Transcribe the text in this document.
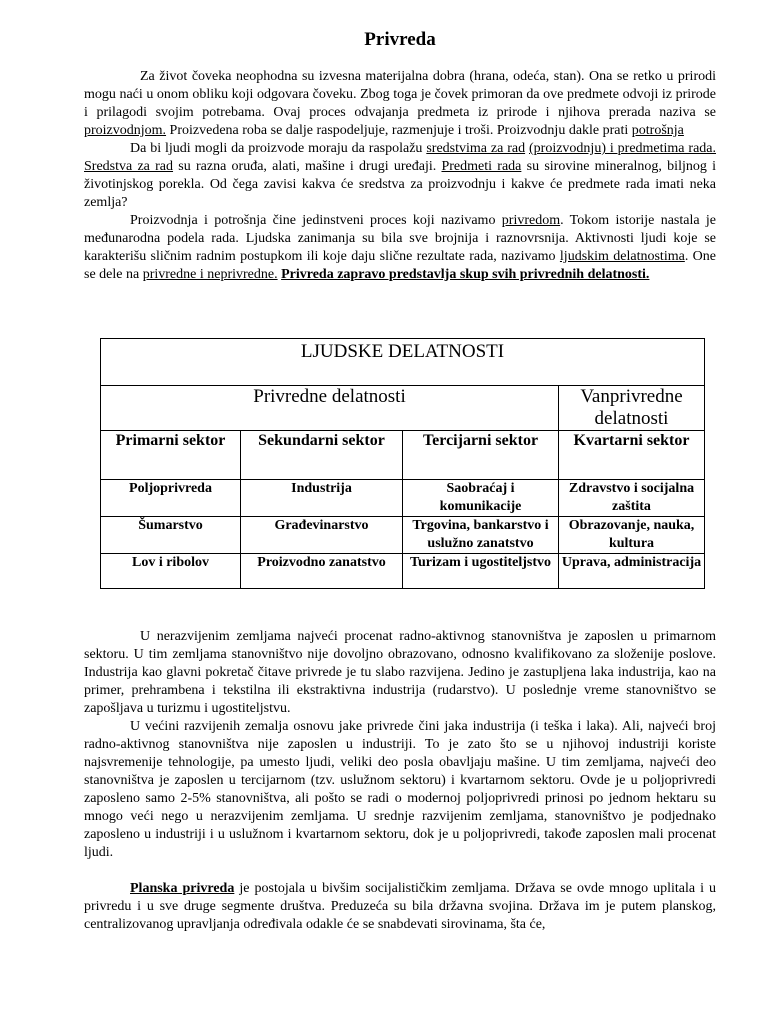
Privreda

Za život čoveka neophodna su izvesna materijalna dobra (hrana, odeća, stan). Ona se retko u prirodi mogu naći u onom obliku koji odgovara čoveku. Zbog toga je čovek primoran da ove predmete odvoji iz prirode i prilagodi svojim potrebama. Ovaj proces odvajanja predmeta iz prirode i njihova prerada naziva se proizvodnjom. Proizvedena roba se dalje raspodeljuje, razmenjuje i troši. Proizvodnju dakle prati potrošnja

Da bi ljudi mogli da proizvode moraju da raspolažu sredstvima za rad (proizvodnju) i predmetima rada. Sredstva za rad su razna oruđa, alati, mašine i drugi uređaji. Predmeti rada su sirovine mineralnog, biljnog i životinjskog porekla. Od čega zavisi kakva će sredstva za proizvodnju i kakve će predmete rada imati neka zemlja?

Proizvodnja i potrošnja čine jedinstveni proces koji nazivamo privredom. Tokom istorije nastala je međunarodna podela rada. Ljudska zanimanja su bila sve brojnija i raznovrsnija. Aktivnosti ljudi koje se karakterišu sličnim radnim postupkom ili koje daju slične rezultate rada, nazivamo ljudskim delatnostima. One se dele na privredne i neprivredne. Privreda zapravo predstavlja skup svih privrednih delatnosti.

LJUDSKE DELATNOSTI			
Privredne delatnosti			Vanprivredne delatnosti
Primarni sektor	Sekundarni sektor	Tercijarni sektor	Kvartarni sektor
Poljoprivreda	Industrija	Saobraćaj i komunikacije	Zdravstvo i socijalna zaštita
Šumarstvo	Građevinarstvo	Trgovina, bankarstvo i uslužno zanatstvo	Obrazovanje, nauka, kultura
Lov i ribolov	Proizvodno zanatstvo	Turizam i ugostiteljstvo	Uprava, administracija

U nerazvijenim zemljama najveći procenat radno-aktivnog stanovništva je zaposlen u primarnom sektoru. U tim zemljama stanovništvo nije dovoljno obrazovano, odnosno kvalifikovano za složenije poslove. Industrija kao glavni pokretač čitave privrede je tu slabo razvijena. Jedino je zastupljena laka industrija, kao na primer, prehrambena i tekstilna ili ekstraktivna industrija (rudarstvo). U poslednje vreme stanovništvo se zapošljava u turizmu i ugostiteljstvu.

U većini razvijenih zemalja osnovu jake privrede čini jaka industrija (i teška i laka). Ali, najveći broj radno-aktivnog stanovništva nije zaposlen u industriji. To je zato što se u njihovoj industriji koriste najsvremenije tehnologije, pa umesto ljudi, veliki deo posla obavljaju mašine. U tim zemljama, najveći deo stanovništva je zaposlen u tercijarnom (tzv. uslužnom sektoru) i kvartarnom sektoru. Ovde je u poljoprivredi zaposleno samo 2-5% stanovništva, ali pošto se radi o modernoj poljoprivredi prinosi po jednom hektaru su mnogo veći nego u nerazvijenim zemljama. U srednje razvijenim zemljama, stanovništvo je podjednako zaposleno u industriji i u uslužnom i kvartarnom sektoru, dok je u poljoprivredi, takođe zaposlen mali procenat ljudi.

Planska privreda je postojala u bivšim socijalističkim zemljama. Država se ovde mnogo uplitala i u privredu i u sve druge segmente društva. Preduzeća su bila državna svojina. Država im je putem planskog, centralizovanog upravljanja određivala odakle će se snabdevati sirovinama, šta će,
